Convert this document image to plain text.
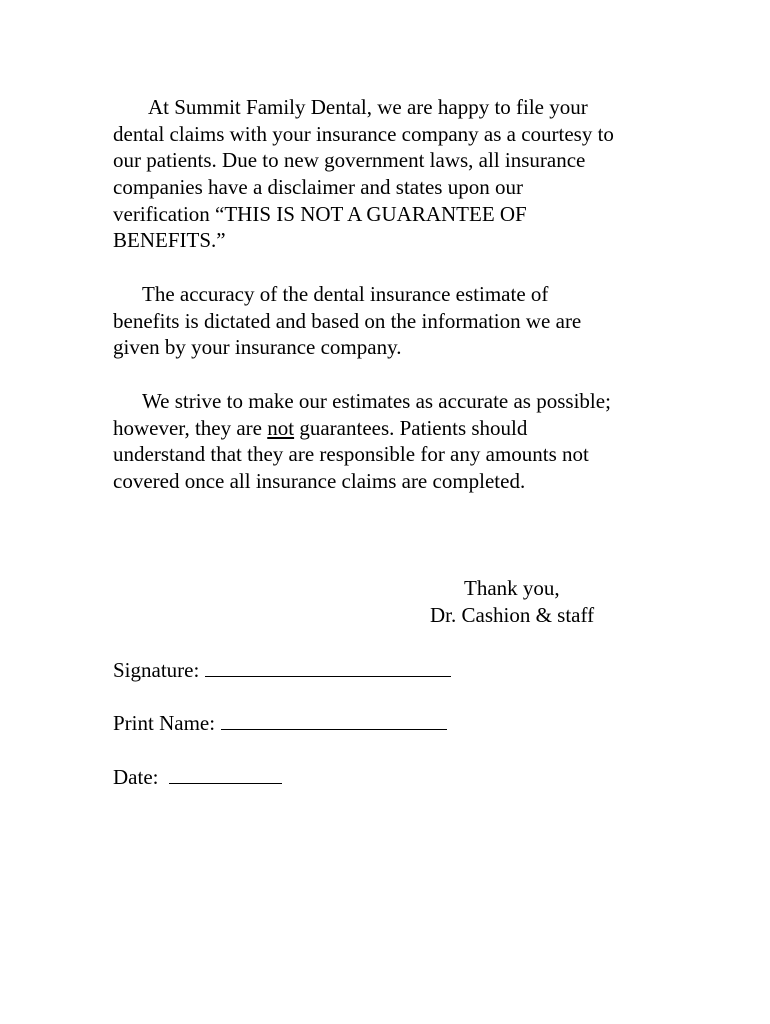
At Summit Family Dental, we are happy to file your
dental claims with your insurance company as a courtesy to
our patients. Due to new government laws, all insurance
companies have a disclaimer and states upon our
verification “THIS IS NOT A GUARANTEE OF
BENEFITS.”

The accuracy of the dental insurance estimate of
benefits is dictated and based on the information we are
given by your insurance company.

We strive to make our estimates as accurate as possible;
however, they are not guarantees. Patients should
understand that they are responsible for any amounts not
covered once all insurance claims are completed.

Thank you,
Dr. Cashion & staff
Signature:
Print Name:
Date:
